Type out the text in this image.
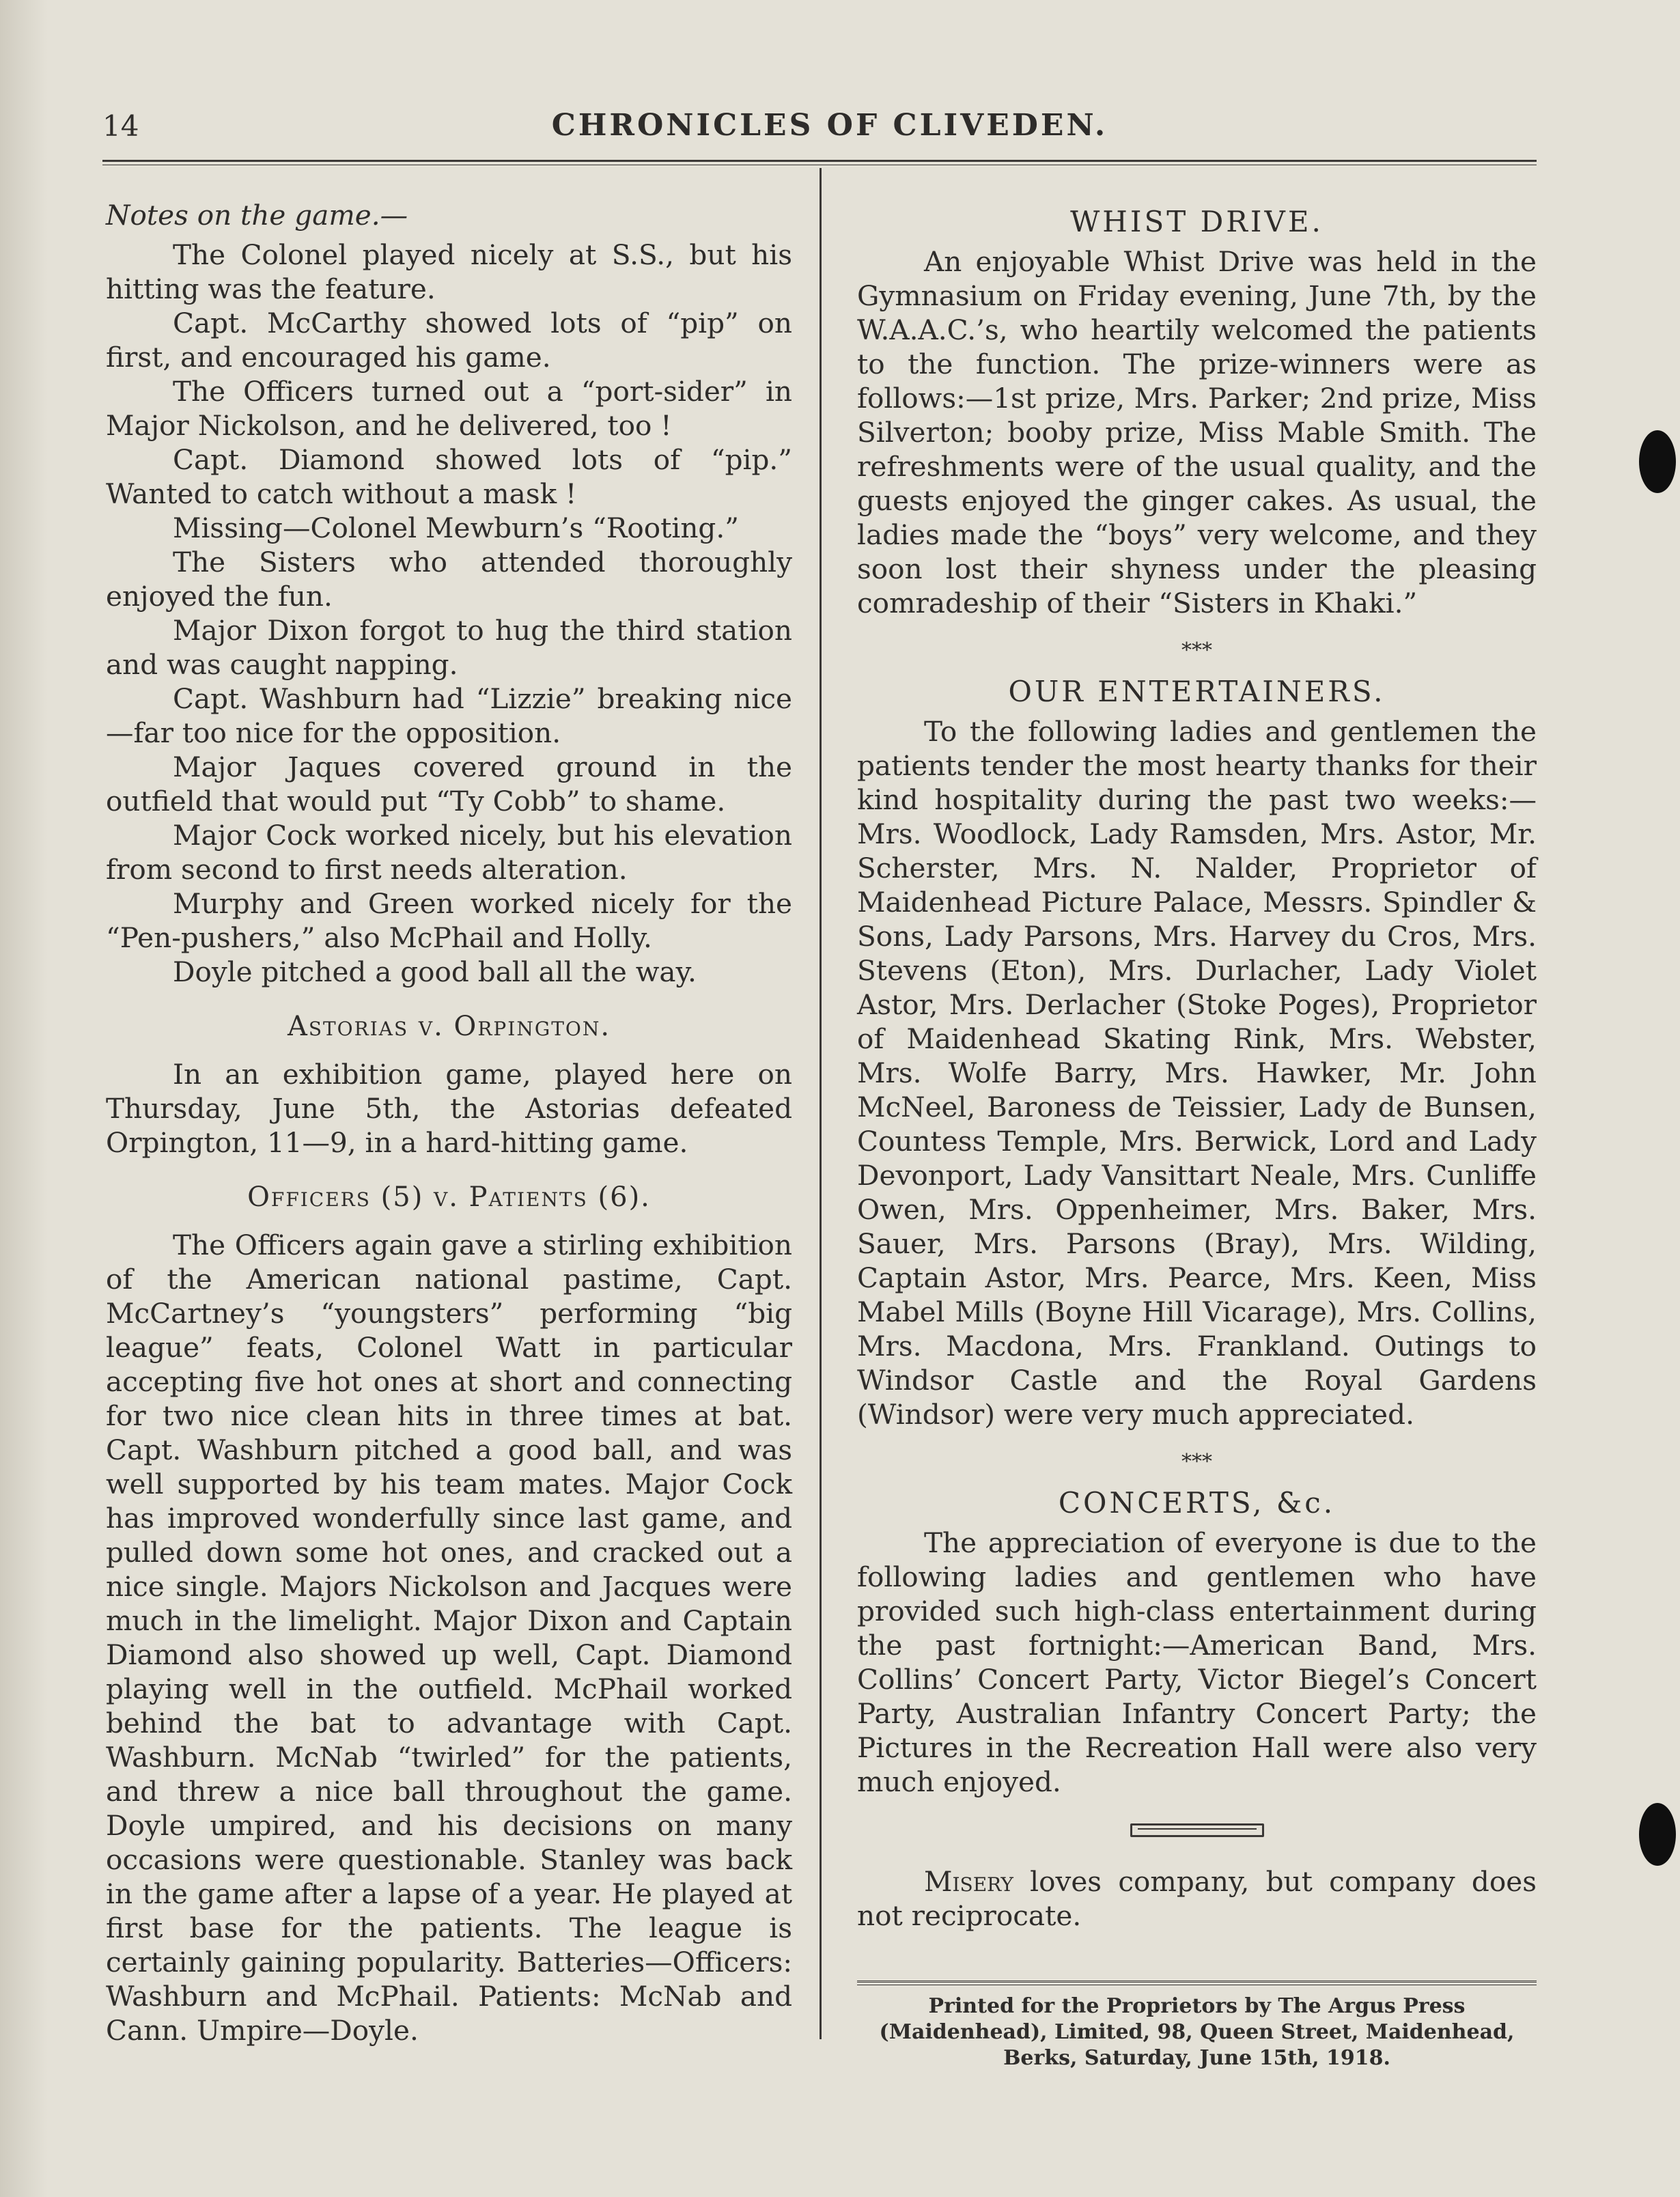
14	CHRONICLES OF CLIVEDEN.

Notes on the game.—

The Colonel played nicely at S.S., but his hitting was the feature.

Capt. McCarthy showed lots of “pip” on first, and encouraged his game.

The Officers turned out a “port-sider” in Major Nickolson, and he delivered, too !

Capt. Diamond showed lots of “pip.” Wanted to catch without a mask !

Missing—Colonel Mewburn’s “Rooting.”

The Sisters who attended thoroughly enjoyed the fun.

Major Dixon forgot to hug the third station and was caught napping.

Capt. Washburn had “Lizzie” breaking nice—far too nice for the opposition.

Major Jaques covered ground in the outfield that would put “Ty Cobb” to shame.

Major Cock worked nicely, but his elevation from second to first needs alteration.

Murphy and Green worked nicely for the “Pen-pushers,” also McPhail and Holly.

Doyle pitched a good ball all the way.

Astorias v. Orpington.

In an exhibition game, played here on Thursday, June 5th, the Astorias defeated Orpington, 11—9, in a hard-hitting game.

Officers (5) v. Patients (6).

The Officers again gave a stirling exhibition of the American national pastime, Capt. McCartney’s “youngsters” performing “big league” feats, Colonel Watt in particular accepting five hot ones at short and connecting for two nice clean hits in three times at bat. Capt. Washburn pitched a good ball, and was well supported by his team mates. Major Cock has improved wonderfully since last game, and pulled down some hot ones, and cracked out a nice single. Majors Nickolson and Jacques were much in the limelight. Major Dixon and Captain Diamond also showed up well, Capt. Diamond playing well in the outfield. McPhail worked behind the bat to advantage with Capt. Washburn. McNab “twirled” for the patients, and threw a nice ball throughout the game. Doyle umpired, and his decisions on many occasions were questionable. Stanley was back in the game after a lapse of a year. He played at first base for the patients. The league is certainly gaining popularity. Batteries—Officers: Washburn and McPhail. Patients: McNab and Cann. Umpire—Doyle.

WHIST DRIVE.

An enjoyable Whist Drive was held in the Gymnasium on Friday evening, June 7th, by the W.A.A.C.’s, who heartily welcomed the patients to the function. The prize-winners were as follows:—1st prize, Mrs. Parker; 2nd prize, Miss Silverton; booby prize, Miss Mable Smith. The refreshments were of the usual quality, and the guests enjoyed the ginger cakes. As usual, the ladies made the “boys” very welcome, and they soon lost their shyness under the pleasing comradeship of their “Sisters in Khaki.”

***
OUR ENTERTAINERS.

To the following ladies and gentlemen the patients tender the most hearty thanks for their kind hospitality during the past two weeks:—Mrs. Woodlock, Lady Ramsden, Mrs. Astor, Mr. Scherster, Mrs. N. Nalder, Proprietor of Maidenhead Picture Palace, Messrs. Spindler & Sons, Lady Parsons, Mrs. Harvey du Cros, Mrs. Stevens (Eton), Mrs. Durlacher, Lady Violet Astor, Mrs. Derlacher (Stoke Poges), Proprietor of Maidenhead Skating Rink, Mrs. Webster, Mrs. Wolfe Barry, Mrs. Hawker, Mr. John McNeel, Baroness de Teissier, Lady de Bunsen, Countess Temple, Mrs. Berwick, Lord and Lady Devonport, Lady Vansittart Neale, Mrs. Cunliffe Owen, Mrs. Oppenheimer, Mrs. Baker, Mrs. Sauer, Mrs. Parsons (Bray), Mrs. Wilding, Captain Astor, Mrs. Pearce, Mrs. Keen, Miss Mabel Mills (Boyne Hill Vicarage), Mrs. Collins, Mrs. Macdona, Mrs. Frankland. Outings to Windsor Castle and the Royal Gardens (Windsor) were very much appreciated.

***
CONCERTS, &c.

The appreciation of everyone is due to the following ladies and gentlemen who have provided such high-class entertainment during the past fortnight:—American Band, Mrs. Collins’ Concert Party, Victor Biegel’s Concert Party, Australian Infantry Concert Party; the Pictures in the Recreation Hall were also very much enjoyed.

Misery loves company, but company does not reciprocate.

Printed for the Proprietors by The Argus Press (Maidenhead), Limited, 98, Queen Street, Maidenhead, Berks, Saturday, June 15th, 1918.
